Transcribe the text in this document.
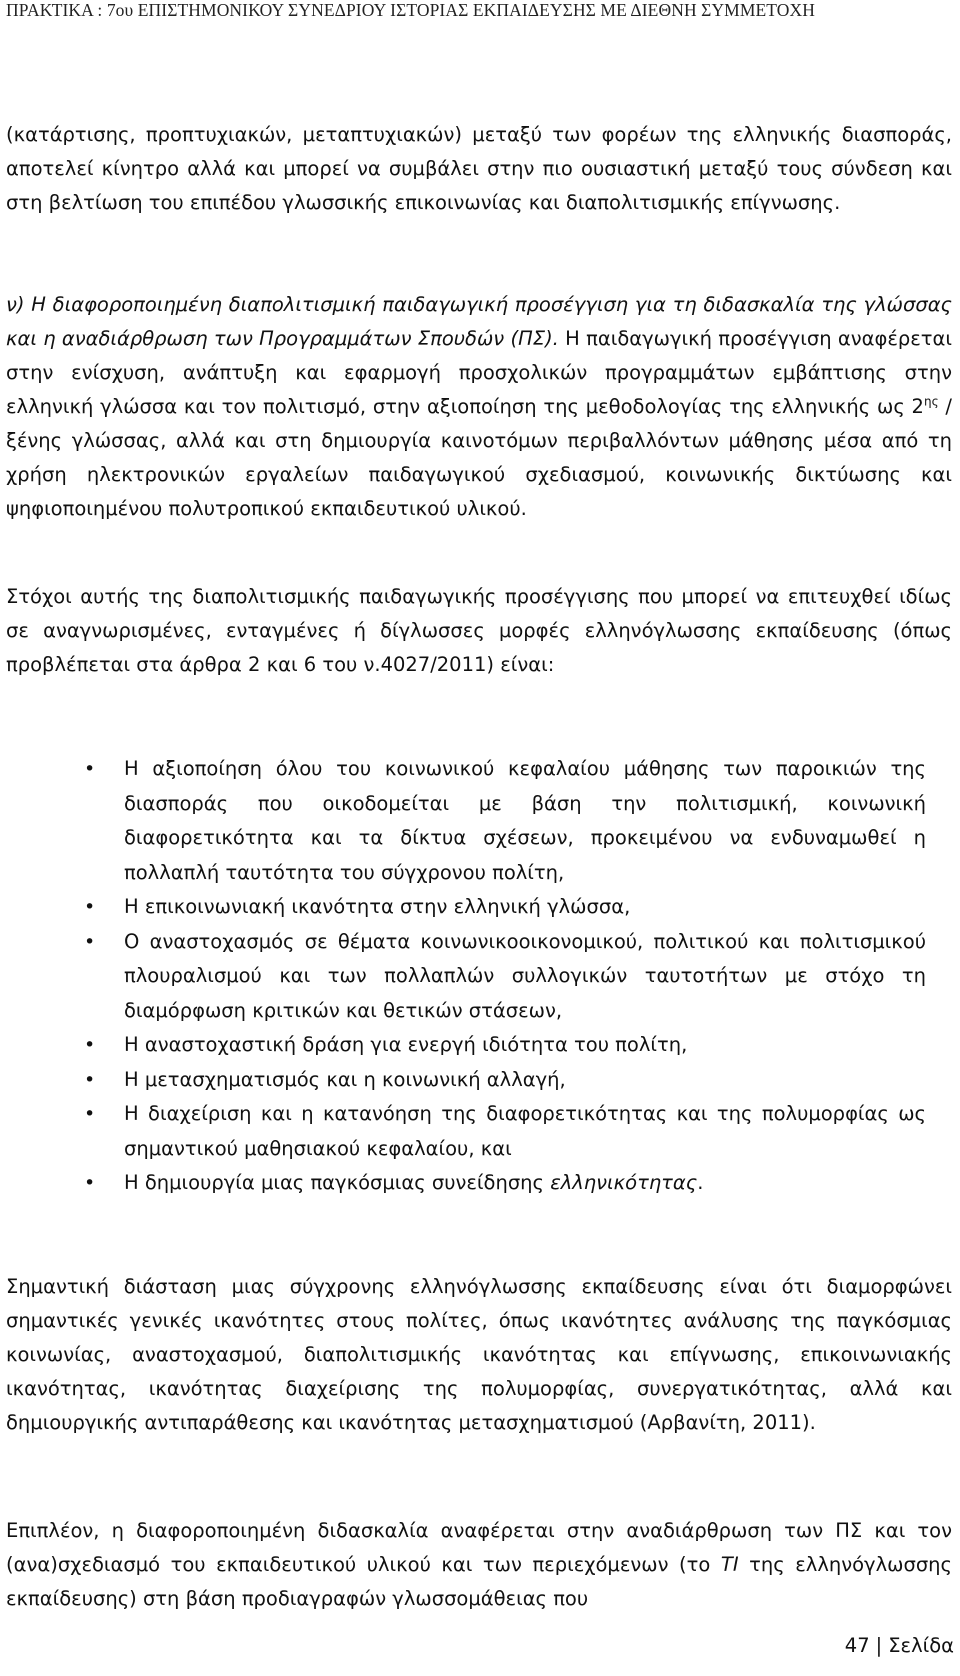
ΠΡΑΚΤΙΚΑ : 7ου ΕΠΙΣΤΗΜΟΝΙΚΟΥ ΣΥΝΕΔΡΙΟΥ ΙΣΤΟΡΙΑΣ ΕΚΠΑΙΔΕΥΣΗΣ ΜΕ ΔΙΕΘΝΗ ΣΥΜΜΕΤΟΧΗ

(κατάρτισης, προπτυχιακών, μεταπτυχιακών) μεταξύ των φορέων της ελληνικής διασποράς, αποτελεί κίνητρο αλλά και μπορεί να συμβάλει στην πιο ουσιαστική μεταξύ τους σύνδεση και στη βελτίωση του επιπέδου γλωσσικής επικοινωνίας και διαπολιτισμικής επίγνωσης.

ν) Η διαφοροποιημένη διαπολιτισμική παιδαγωγική προσέγγιση για τη διδασκαλία της γλώσσας και η αναδιάρθρωση των Προγραμμάτων Σπουδών (ΠΣ). Η παιδαγωγική προσέγγιση αναφέρεται στην ενίσχυση, ανάπτυξη και εφαρμογή προσχολικών προγραμμάτων εμβάπτισης στην ελληνική γλώσσα και τον πολιτισμό, στην αξιοποίηση της μεθοδολογίας της ελληνικής ως $2^{\eta\varsigma}$ / ξένης γλώσσας, αλλά και στη δημιουργία καινοτόμων περιβαλλόντων μάθησης μέσα από τη χρήση ηλεκτρονικών εργαλείων παιδαγωγικού σχεδιασμού, κοινωνικής δικτύωσης και ψηφιοποιημένου πολυτροπικού εκπαιδευτικού υλικού.

Στόχοι αυτής της διαπολιτισμικής παιδαγωγικής προσέγγισης που μπορεί να επιτευχθεί ιδίως σε αναγνωρισμένες, ενταγμένες ή δίγλωσσες μορφές ελληνόγλωσσης εκπαίδευσης (όπως προβλέπεται στα άρθρα 2 και 6 του ν.4027/2011) είναι:

• Η αξιοποίηση όλου του κοινωνικού κεφαλαίου μάθησης των παροικιών της διασποράς που οικοδομείται με βάση την πολιτισμική, κοινωνική διαφορετικότητα και τα δίκτυα σχέσεων, προκειμένου να ενδυναμωθεί η πολλαπλή ταυτότητα του σύγχρονου πολίτη,
• Η επικοινωνιακή ικανότητα στην ελληνική γλώσσα,
• Ο αναστοχασμός σε θέματα κοινωνικοοικονομικού, πολιτικού και πολιτισμικού πλουραλισμού και των πολλαπλών συλλογικών ταυτοτήτων με στόχο τη διαμόρφωση κριτικών και θετικών στάσεων,
• Η αναστοχαστική δράση για ενεργή ιδιότητα του πολίτη,
• Η μετασχηματισμός και η κοινωνική αλλαγή,
• Η διαχείριση και η κατανόηση της διαφορετικότητας και της πολυμορφίας ως σημαντικού μαθησιακού κεφαλαίου, και
• Η δημιουργία μιας παγκόσμιας συνείδησης ελληνικότητας.

Σημαντική διάσταση μιας σύγχρονης ελληνόγλωσσης εκπαίδευσης είναι ότι διαμορφώνει σημαντικές γενικές ικανότητες στους πολίτες, όπως ικανότητες ανάλυσης της παγκόσμιας κοινωνίας, αναστοχασμού, διαπολιτισμικής ικανότητας και επίγνωσης, επικοινωνιακής ικανότητας, ικανότητας διαχείρισης της πολυμορφίας, συνεργατικότητας, αλλά και δημιουργικής αντιπαράθεσης και ικανότητας μετασχηματισμού (Αρβανίτη, 2011).

Επιπλέον, η διαφοροποιημένη διδασκαλία αναφέρεται στην αναδιάρθρωση των ΠΣ και τον (ανα)σχεδιασμό του εκπαιδευτικού υλικού και των περιεχόμενων (το ΤΙ της ελληνόγλωσσης εκπαίδευσης) στη βάση προδιαγραφών γλωσσομάθειας που

47 | Σελίδα
